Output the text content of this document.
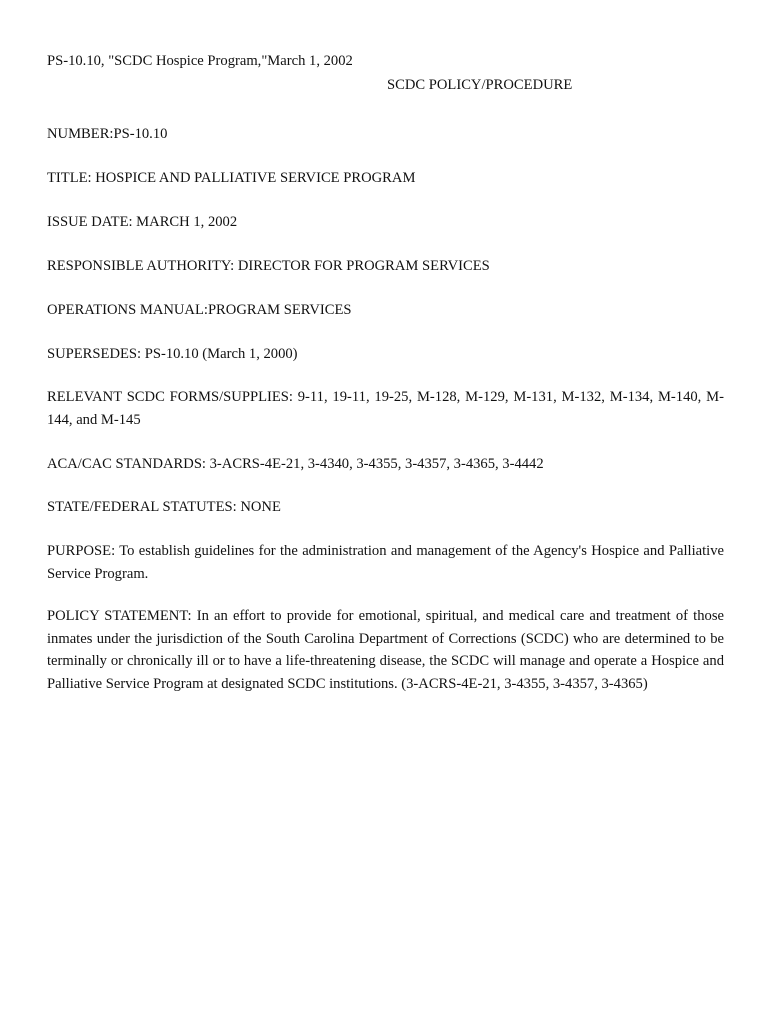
PS-10.10, "SCDC Hospice Program,"March 1, 2002
SCDC POLICY/PROCEDURE
NUMBER:PS-10.10
TITLE: HOSPICE AND PALLIATIVE SERVICE PROGRAM
ISSUE DATE: MARCH 1, 2002
RESPONSIBLE AUTHORITY: DIRECTOR FOR PROGRAM SERVICES
OPERATIONS MANUAL:PROGRAM SERVICES
SUPERSEDES: PS-10.10 (March 1, 2000)
RELEVANT SCDC FORMS/SUPPLIES: 9-11, 19-11, 19-25, M-128, M-129, M-131, M-132, M-134, M-140, M-144, and M-145
ACA/CAC STANDARDS: 3-ACRS-4E-21, 3-4340, 3-4355, 3-4357, 3-4365, 3-4442
STATE/FEDERAL STATUTES: NONE
PURPOSE: To establish guidelines for the administration and management of the Agency's Hospice and Palliative Service Program.
POLICY STATEMENT: In an effort to provide for emotional, spiritual, and medical care and treatment of those inmates under the jurisdiction of the South Carolina Department of Corrections (SCDC) who are determined to be terminally or chronically ill or to have a life-threatening disease, the SCDC will manage and operate a Hospice and Palliative Service Program at designated SCDC institutions. (3-ACRS-4E-21, 3-4355, 3-4357, 3-4365)
